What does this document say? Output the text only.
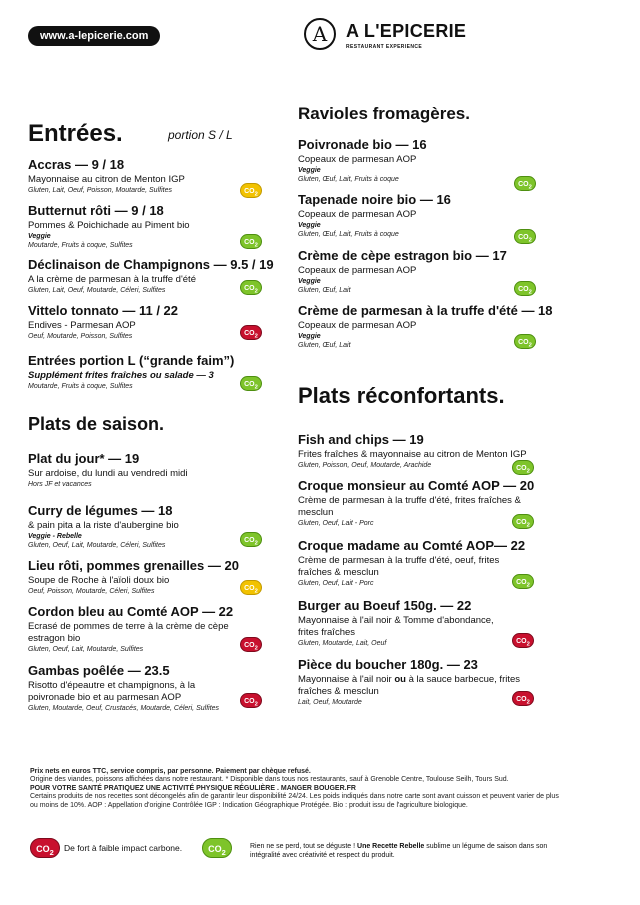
www.a-lepicerie.com	A	A L'EPICERIE
RESTAURANT EXPERIENCE
Entrées.	portion S / L
Accras — 9 / 18
Mayonnaise au citron de Menton IGP
Gluten, Lait, Oeuf, Poisson, Moutarde, Sulfites	$CO_2$
Butternut rôti — 9 / 18
Pommes & Poichichade au Piment bio
Veggie
Moutarde, Fruits à coque, Sulfites	$CO_2$
Déclinaison de Champignons — 9.5 / 19
A la crème de parmesan à la truffe d'été
Gluten, Lait, Oeuf, Moutarde, Céleri, Sulfites	$CO_2$
Vittelo tonnato — 11 / 22
Endives - Parmesan AOP
Oeuf, Moutarde, Poisson, Sulfites	$CO_2$
Entrées portion L (“grande faim”)
Supplément frites fraîches ou salade — 3
Moutarde, Fruits à coque, Sulfites	$CO_2$
Plats de saison.
Plat du jour* — 19
Sur ardoise, du lundi au vendredi midi
Hors JF et vacances
Curry de légumes — 18
& pain pita a la riste d'aubergine bio
Veggie - Rebelle
Gluten, Oeuf, Lait, Moutarde, Céleri, Sulfites
$CO_2$
Lieu rôti, pommes grenailles — 20
Soupe de Roche à l'aïoli doux bio
Oeuf, Poisson, Moutarde, Céleri, Sulfites	$CO_2$
Cordon bleu au Comté AOP — 22
Ecrasé de pommes de terre à la crème de cèpe estragon bio
Gluten, Oeuf, Lait, Moutarde, Sulfites
$CO_2$
Gambas poêlée — 23.5
Risotto d'épeautre et champignons, à la poivronade bio et au parmesan AOP
Gluten, Moutarde, Oeuf, Crustacés, Moutarde, Céleri, Sulfites
$CO_2$
Ravioles fromagères.
Poivronade bio — 16
Copeaux de parmesan AOP
Veggie
Gluten, Œuf, Lait, Fruits à coque
$CO_2$
Tapenade noire bio — 16
Copeaux de parmesan AOP
Veggie
Gluten, Œuf, Lait, Fruits à coque	$CO_2$
Crème de cèpe estragon bio — 17
Copeaux de parmesan AOP
Veggie
Gluten, Œuf, Lait	$CO_2$
Crème de parmesan à la truffe d'été — 18
Copeaux de parmesan AOP
Veggie
Gluten, Œuf, Lait	$CO_2$
Plats réconfortants.
Fish and chips — 19
Frites fraîches & mayonnaise au citron de Menton IGP
Gluten, Poisson, Oeuf, Moutarde, Arachide	$CO_2$
Croque monsieur au Comté AOP — 20
Crème de parmesan à la truffe d'été, frites fraîches & mesclun
Gluten, Oeuf, Lait - Porc	$CO_2$
Croque madame au Comté AOP— 22
Crème de parmesan à la truffe d'été, oeuf, frites fraîches & mesclun
Gluten, Oeuf, Lait - Porc	$CO_2$
Burger au Boeuf 150g. — 22
Mayonnaise à l'ail noir & Tomme d'abondance, frites fraîches
Gluten, Moutarde, Lait, Oeuf	$CO_2$
Pièce du boucher 180g. — 23
Mayonnaise à l'ail noir ou à la sauce barbecue, frites fraîches & mesclun
Lait, Oeuf, Moutarde	$CO_2$
Prix nets en euros TTC, service compris, par personne. Paiement par chèque refusé.
Origine des viandes, poissons affichées dans notre restaurant. * Disponible dans tous nos restaurants, sauf à Grenoble Centre, Toulouse Seilh, Tours Sud.
POUR VOTRE SANTÉ PRATIQUEZ UNE ACTIVITÉ PHYSIQUE RÉGULIÈRE . MANGER BOUGER.FR
Certains produits de nos recettes sont décongelés afin de garantir leur disponibilité 24/24. Les poids indiqués dans notre carte sont avant cuisson et peuvent varier de plus ou moins de 10%. AOP : Appellation d'origine Contrôlée IGP : Indication Géographique Protégée. Bio : produit issu de l'agriculture biologique.
$CO_2$	De fort à faible impact carbone.	$CO_2$
Rien ne se perd, tout se déguste ! Une Recette Rebelle sublime un légume de saison dans son intégralité avec créativité et respect du produit.
